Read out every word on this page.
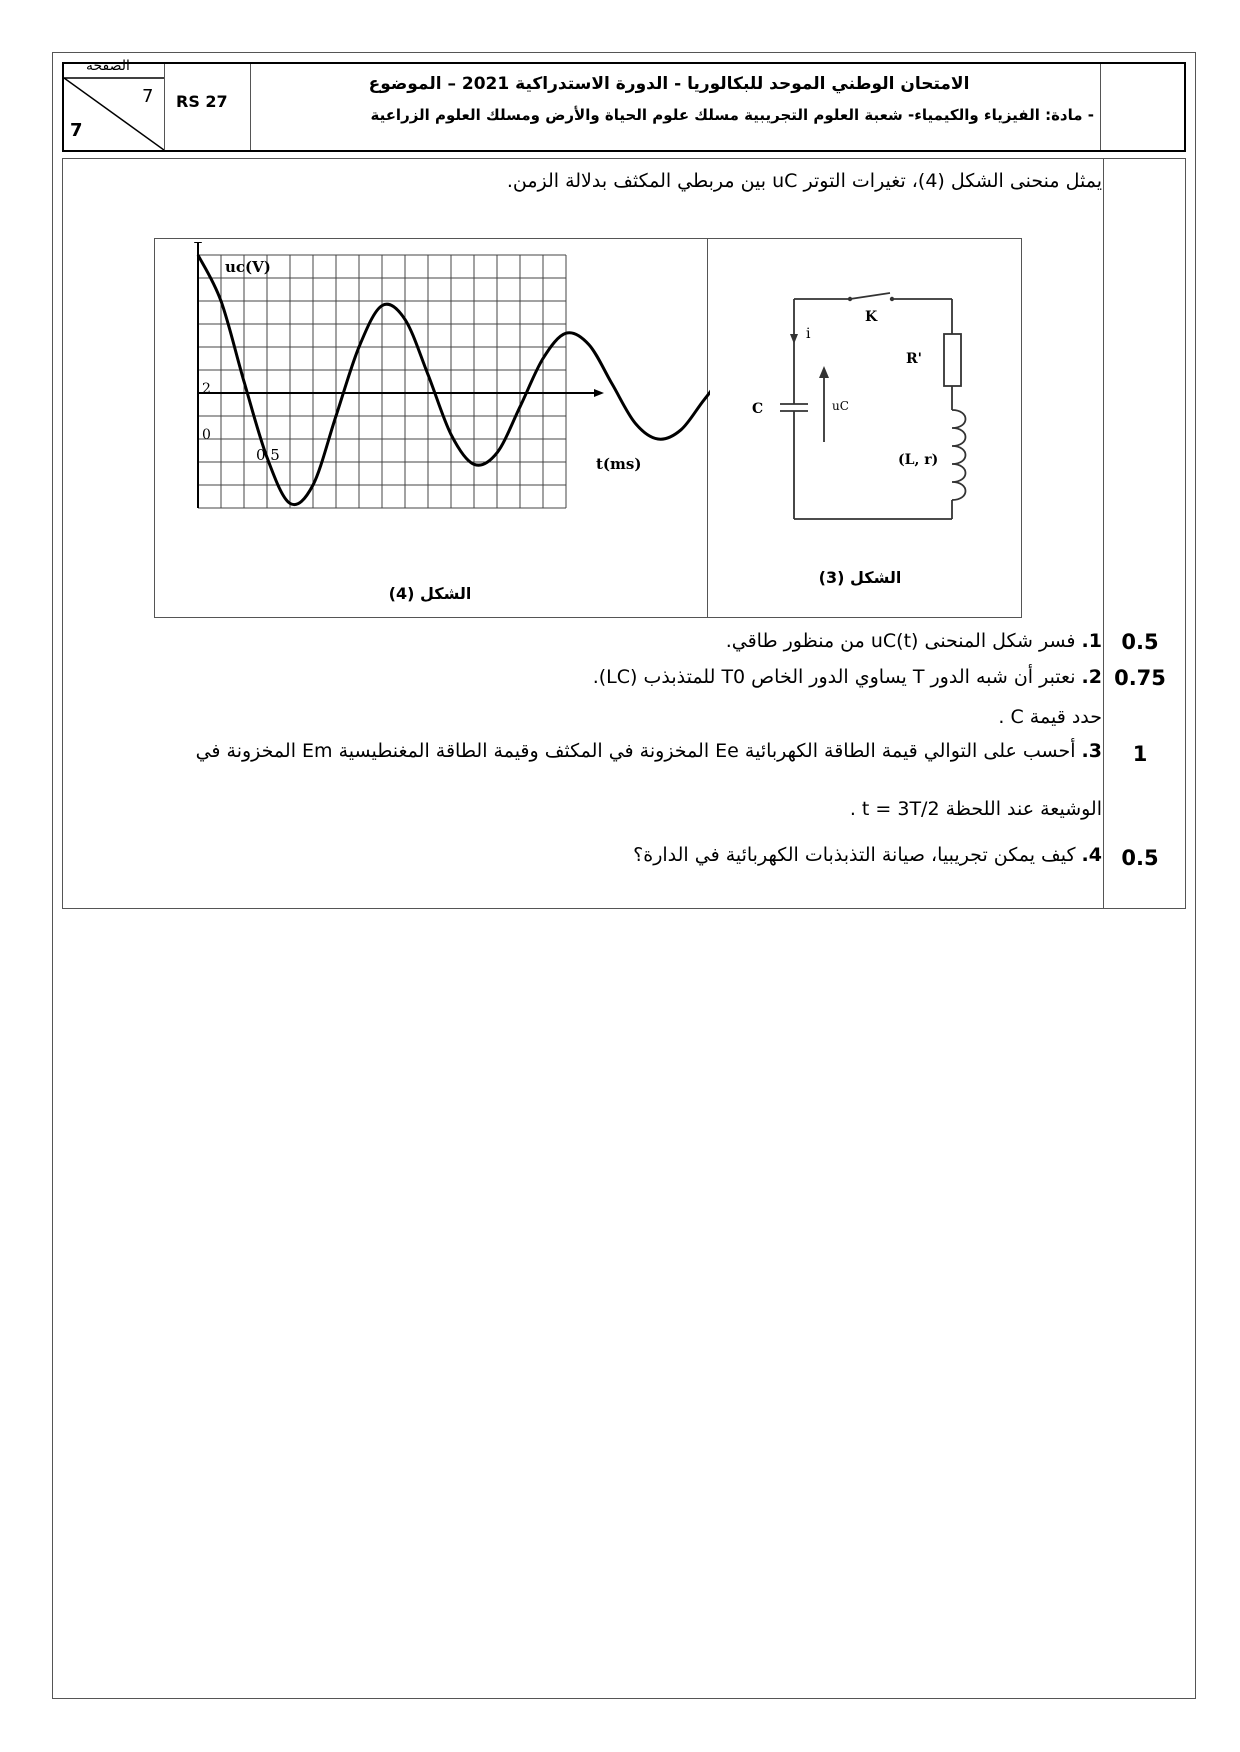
الصفحة
7
7
RS 27
الامتحان الوطني الموحد للبكالوريا - الدورة الاستدراكية 2021 – الموضوع
- مادة: الفيزياء والكيمياء- شعبة العلوم التجريبية مسلك علوم الحياة والأرض ومسلك العلوم الزراعية
يمثل منحنى الشكل (4)، تغيرات التوتر uC بين مربطي المكثف بدلالة الزمن.
uc(V)
t(ms)
2
0
0,5
الشكل (4)
K
i
R'
C	uC
(L, r)
الشكل (3)
0.5
1. فسر شكل المنحنى uC(t) من منظور طاقي.
0.75
2. نعتبر أن شبه الدور T يساوي الدور الخاص T0 للمتذبذب (LC).
حدد قيمة C .
1
3. أحسب على التوالي قيمة الطاقة الكهربائية Ee المخزونة في المكثف وقيمة الطاقة المغنطيسية Em المخزونة في
الوشيعة عند اللحظة t = 3T/2 .
0.5
4. كيف يمكن تجريبيا، صيانة التذبذبات الكهربائية في الدارة؟
